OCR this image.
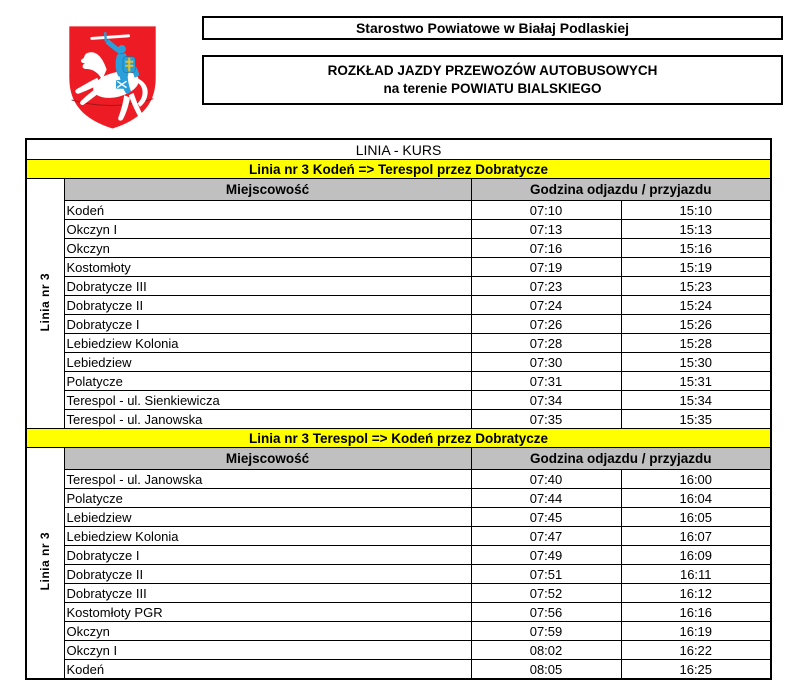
Starostwo Powiatowe w Białaj Podlaskiej
ROZKŁAD JAZDY PRZEWOZÓW AUTOBUSOWYCH
na terenie POWIATU BIALSKIEGO
LINIA - KURS			
Linia nr 3 Kodeń => Terespol przez Dobratycze			
Linia nr 3	Miejscowość	Godzina odjazdu / przyjazdu	
	Kodeń	07:10	15:10
	Okczyn I	07:13	15:13
	Okczyn	07:16	15:16
	Kostomłoty	07:19	15:19
	Dobratycze III	07:23	15:23
	Dobratycze II	07:24	15:24
	Dobratycze I	07:26	15:26
	Lebiedziew Kolonia	07:28	15:28
	Lebiedziew	07:30	15:30
	Polatycze	07:31	15:31
	Terespol - ul. Sienkiewicza	07:34	15:34
	Terespol - ul. Janowska	07:35	15:35
Linia nr 3 Terespol => Kodeń przez Dobratycze			
Linia nr 3	Miejscowość	Godzina odjazdu / przyjazdu	
	Terespol - ul. Janowska	07:40	16:00
	Polatycze	07:44	16:04
	Lebiedziew	07:45	16:05
	Lebiedziew Kolonia	07:47	16:07
	Dobratycze I	07:49	16:09
	Dobratycze II	07:51	16:11
	Dobratycze III	07:52	16:12
	Kostomłoty PGR	07:56	16:16
	Okczyn	07:59	16:19
	Okczyn I	08:02	16:22
	Kodeń	08:05	16:25
